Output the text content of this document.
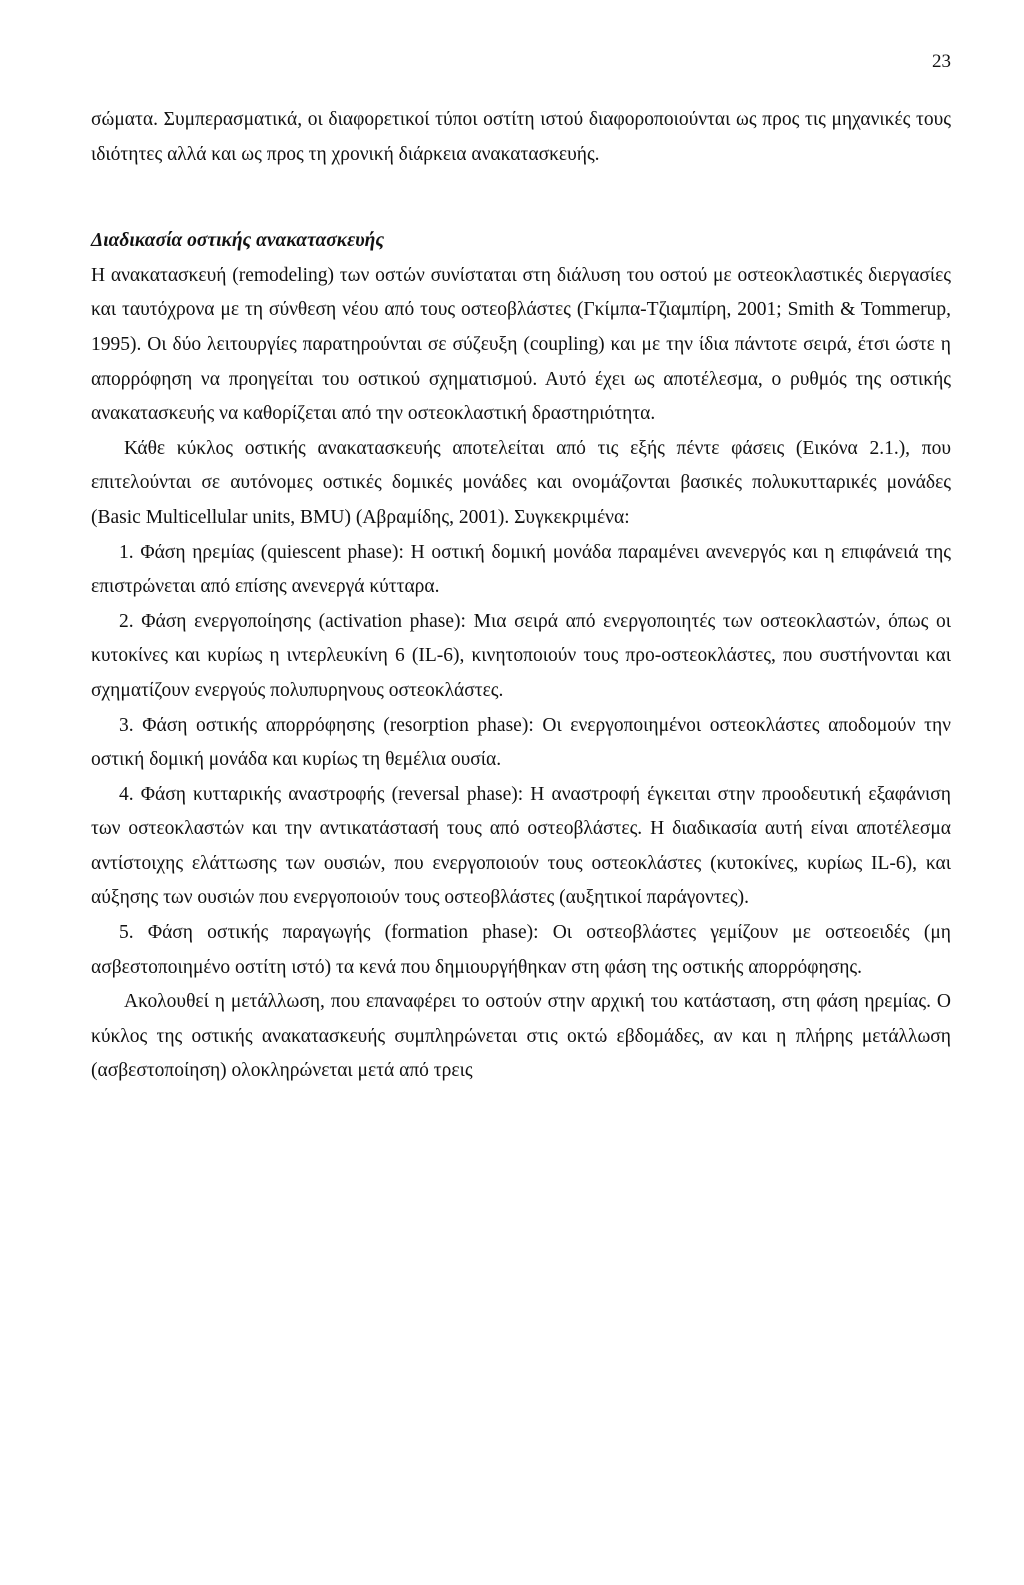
23

σώματα. Συμπερασματικά, οι διαφορετικοί τύποι οστίτη ιστού διαφοροποιούνται ως προς τις μηχανικές τους ιδιότητες αλλά και ως προς τη χρονική διάρκεια ανακατασκευής.

Διαδικασία οστικής ανακατασκευής

Η ανακατασκευή (remodeling) των οστών συνίσταται στη διάλυση του οστού με οστεοκλαστικές διεργασίες και ταυτόχρονα με τη σύνθεση νέου από τους οστεοβλάστες (Γκίμπα-Τζιαμπίρη, 2001; Smith & Tommerup, 1995). Οι δύο λειτουργίες παρατηρούνται σε σύζευξη (coupling) και με την ίδια πάντοτε σειρά, έτσι ώστε η απορρόφηση να προηγείται του οστικού σχηματισμού. Αυτό έχει ως αποτέλεσμα, ο ρυθμός της οστικής ανακατασκευής να καθορίζεται από την οστεοκλαστική δραστηριότητα.

Κάθε κύκλος οστικής ανακατασκευής αποτελείται από τις εξής πέντε φάσεις (Εικόνα 2.1.), που επιτελούνται σε αυτόνομες οστικές δομικές μονάδες και ονομάζονται βασικές πολυκυτταρικές μονάδες (Basic Multicellular units, BMU) (Αβραμίδης, 2001). Συγκεκριμένα:

1. Φάση ηρεμίας (quiescent phase): Η οστική δομική μονάδα παραμένει ανενεργός και η επιφάνειά της επιστρώνεται από επίσης ανενεργά κύτταρα.

2. Φάση ενεργοποίησης (activation phase): Μια σειρά από ενεργοποιητές των οστεοκλαστών, όπως οι κυτοκίνες και κυρίως η ιντερλευκίνη 6 (IL-6), κινητοποιούν τους προ-οστεοκλάστες, που συστήνονται και σχηματίζουν ενεργούς πολυπυρηνους οστεοκλάστες.

3. Φάση οστικής απορρόφησης (resorption phase): Οι ενεργοποιημένοι οστεοκλάστες αποδομούν την οστική δομική μονάδα και κυρίως τη θεμέλια ουσία.

4. Φάση κυτταρικής αναστροφής (reversal phase): Η αναστροφή έγκειται στην προοδευτική εξαφάνιση των οστεοκλαστών και την αντικατάστασή τους από οστεοβλάστες. Η διαδικασία αυτή είναι αποτέλεσμα αντίστοιχης ελάττωσης των ουσιών, που ενεργοποιούν τους οστεοκλάστες (κυτοκίνες, κυρίως IL-6), και αύξησης των ουσιών που ενεργοποιούν τους οστεοβλάστες (αυξητικοί παράγοντες).

5. Φάση οστικής παραγωγής (formation phase): Οι οστεοβλάστες γεμίζουν με οστεοειδές (μη ασβεστοποιημένο οστίτη ιστό) τα κενά που δημιουργήθηκαν στη φάση της οστικής απορρόφησης.

Ακολουθεί η μετάλλωση, που επαναφέρει το οστούν στην αρχική του κατάσταση, στη φάση ηρεμίας. Ο κύκλος της οστικής ανακατασκευής συμπληρώνεται στις οκτώ εβδομάδες, αν και η πλήρης μετάλλωση (ασβεστοποίηση) ολοκληρώνεται μετά από τρεις
